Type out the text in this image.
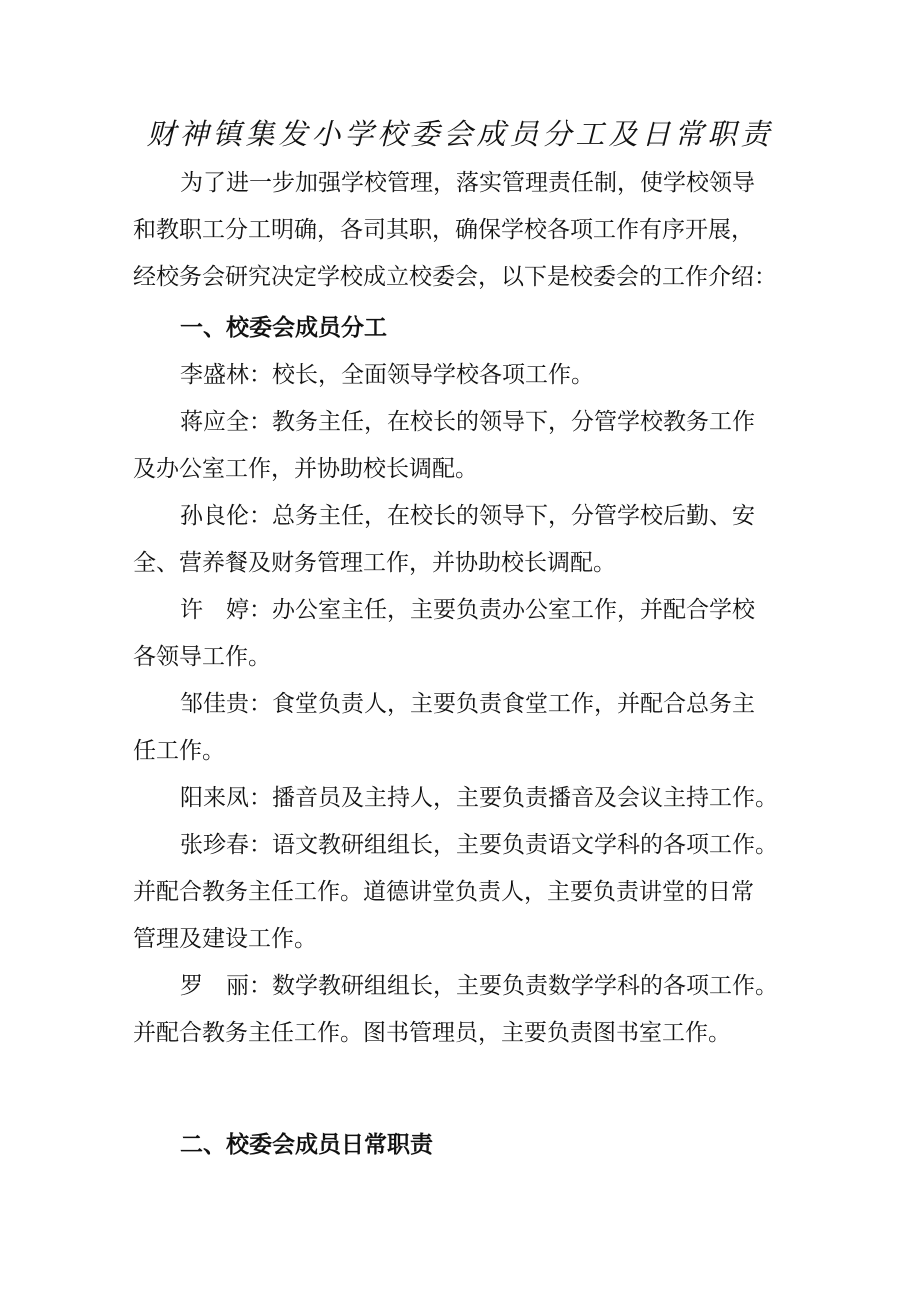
财神镇集发小学校委会成员分工及日常职责
为了进一步加强学校管理，落实管理责任制，使学校领导
和教职工分工明确，各司其职，确保学校各项工作有序开展，
经校务会研究决定学校成立校委会，以下是校委会的工作介绍：
一、校委会成员分工
李盛林：校长，全面领导学校各项工作。
蒋应全：教务主任，在校长的领导下，分管学校教务工作
及办公室工作，并协助校长调配。
孙良伦：总务主任，在校长的领导下，分管学校后勤、安
全、营养餐及财务管理工作，并协助校长调配。
许　婷：办公室主任，主要负责办公室工作，并配合学校
各领导工作。
邹佳贵：食堂负责人，主要负责食堂工作，并配合总务主
任工作。
阳来凤：播音员及主持人，主要负责播音及会议主持工作。
张珍春：语文教研组组长，主要负责语文学科的各项工作。
并配合教务主任工作。道德讲堂负责人，主要负责讲堂的日常
管理及建设工作。
罗　丽：数学教研组组长，主要负责数学学科的各项工作。
并配合教务主任工作。图书管理员，主要负责图书室工作。
二、校委会成员日常职责
